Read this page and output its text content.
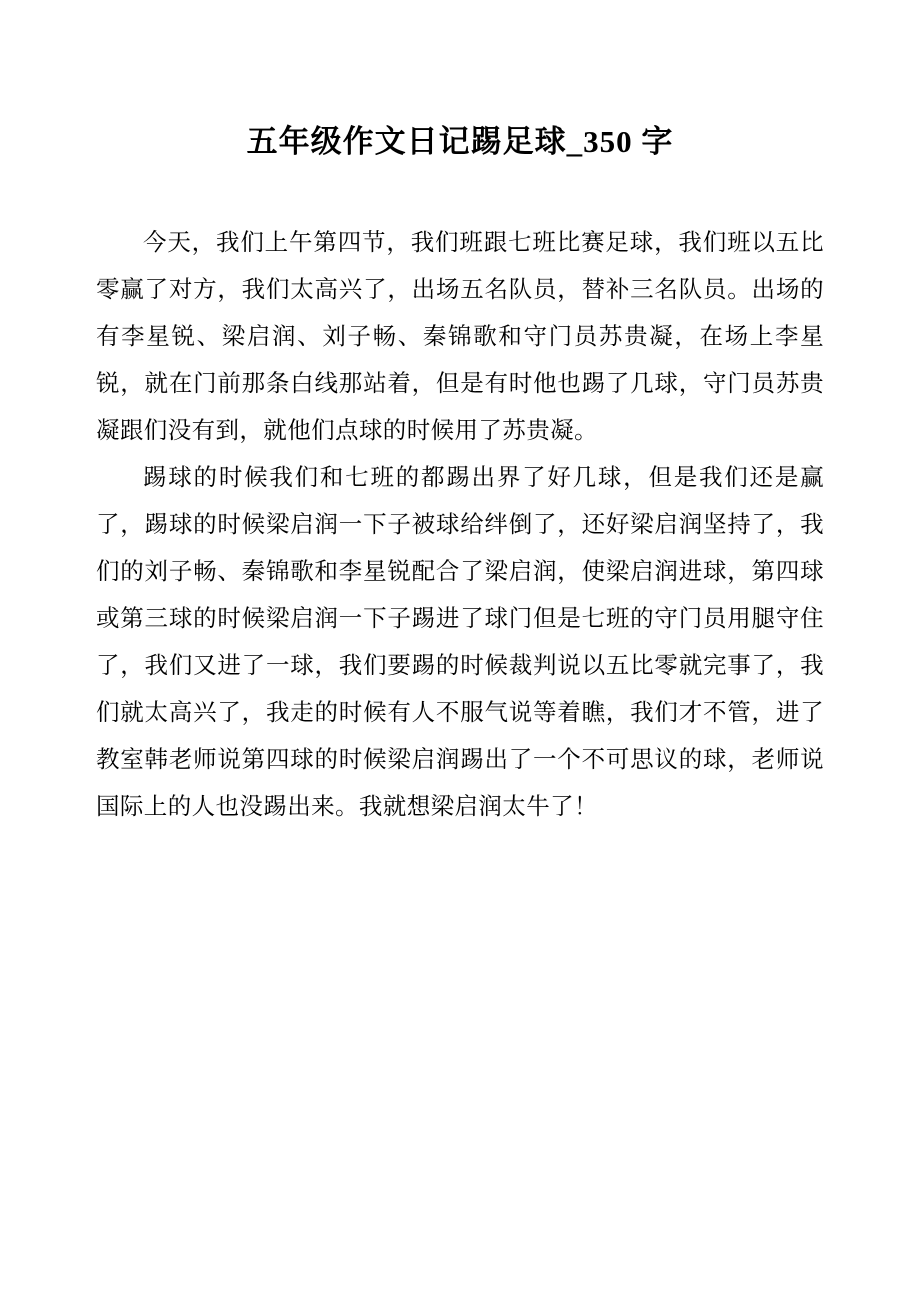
五年级作文日记踢足球_350 字

今天，我们上午第四节，我们班跟七班比赛足球，我们班以五比零赢了对方，我们太高兴了，出场五名队员，替补三名队员。出场的有李星锐、梁启润、刘子畅、秦锦歌和守门员苏贵凝，在场上李星锐，就在门前那条白线那站着，但是有时他也踢了几球，守门员苏贵凝跟们没有到，就他们点球的时候用了苏贵凝。

踢球的时候我们和七班的都踢出界了好几球，但是我们还是赢了，踢球的时候梁启润一下子被球给绊倒了，还好梁启润坚持了，我们的刘子畅、秦锦歌和李星锐配合了梁启润，使梁启润进球，第四球或第三球的时候梁启润一下子踢进了球门但是七班的守门员用腿守住了，我们又进了一球，我们要踢的时候裁判说以五比零就完事了，我们就太高兴了，我走的时候有人不服气说等着瞧，我们才不管，进了教室韩老师说第四球的时候梁启润踢出了一个不可思议的球，老师说国际上的人也没踢出来。我就想梁启润太牛了！
